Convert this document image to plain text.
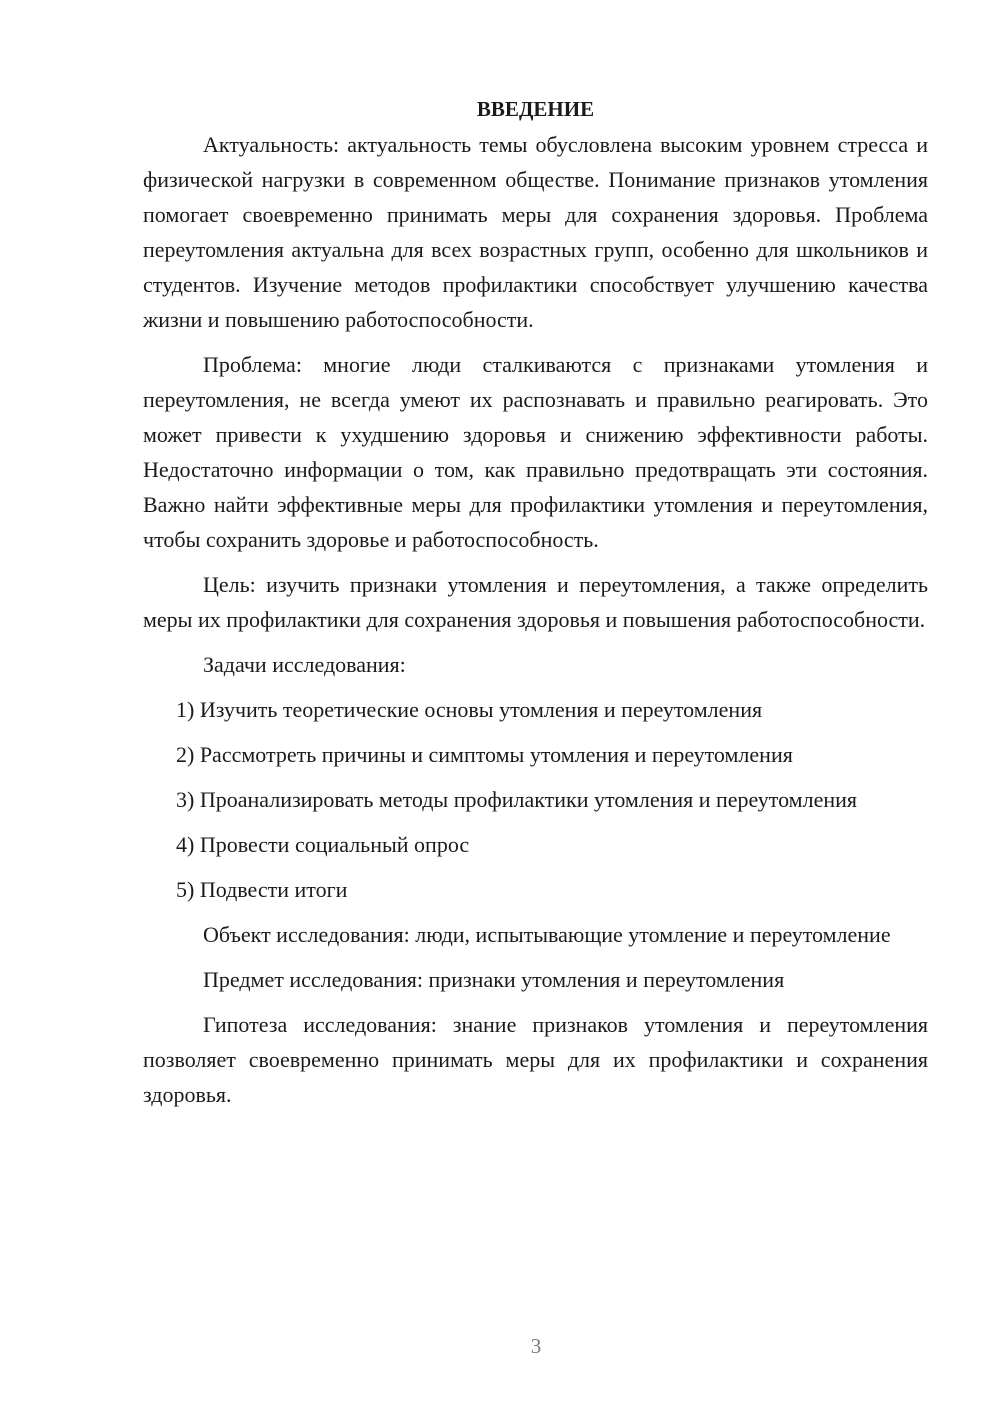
ВВЕДЕНИЕ

Актуальность: актуальность темы обусловлена высоким уровнем стресса и физической нагрузки в современном обществе. Понимание признаков утомления помогает своевременно принимать меры для сохранения здоровья. Проблема переутомления актуальна для всех возрастных групп, особенно для школьников и студентов. Изучение методов профилактики способствует улучшению качества жизни и повышению работоспособности.

Проблема: многие люди сталкиваются с признаками утомления и переутомления, не всегда умеют их распознавать и правильно реагировать. Это может привести к ухудшению здоровья и снижению эффективности работы. Недостаточно информации о том, как правильно предотвращать эти состояния. Важно найти эффективные меры для профилактики утомления и переутомления, чтобы сохранить здоровье и работоспособность.

Цель: изучить признаки утомления и переутомления, а также определить меры их профилактики для сохранения здоровья и повышения работоспособности.

Задачи исследования:

1) Изучить теоретические основы утомления и переутомления

2) Рассмотреть причины и симптомы утомления и переутомления

3) Проанализировать методы профилактики утомления и переутомления

4) Провести социальный опрос

5) Подвести итоги

Объект исследования: люди, испытывающие утомление и переутомление

Предмет исследования: признаки утомления и переутомления

Гипотеза исследования: знание признаков утомления и переутомления позволяет своевременно принимать меры для их профилактики и сохранения здоровья.

3
